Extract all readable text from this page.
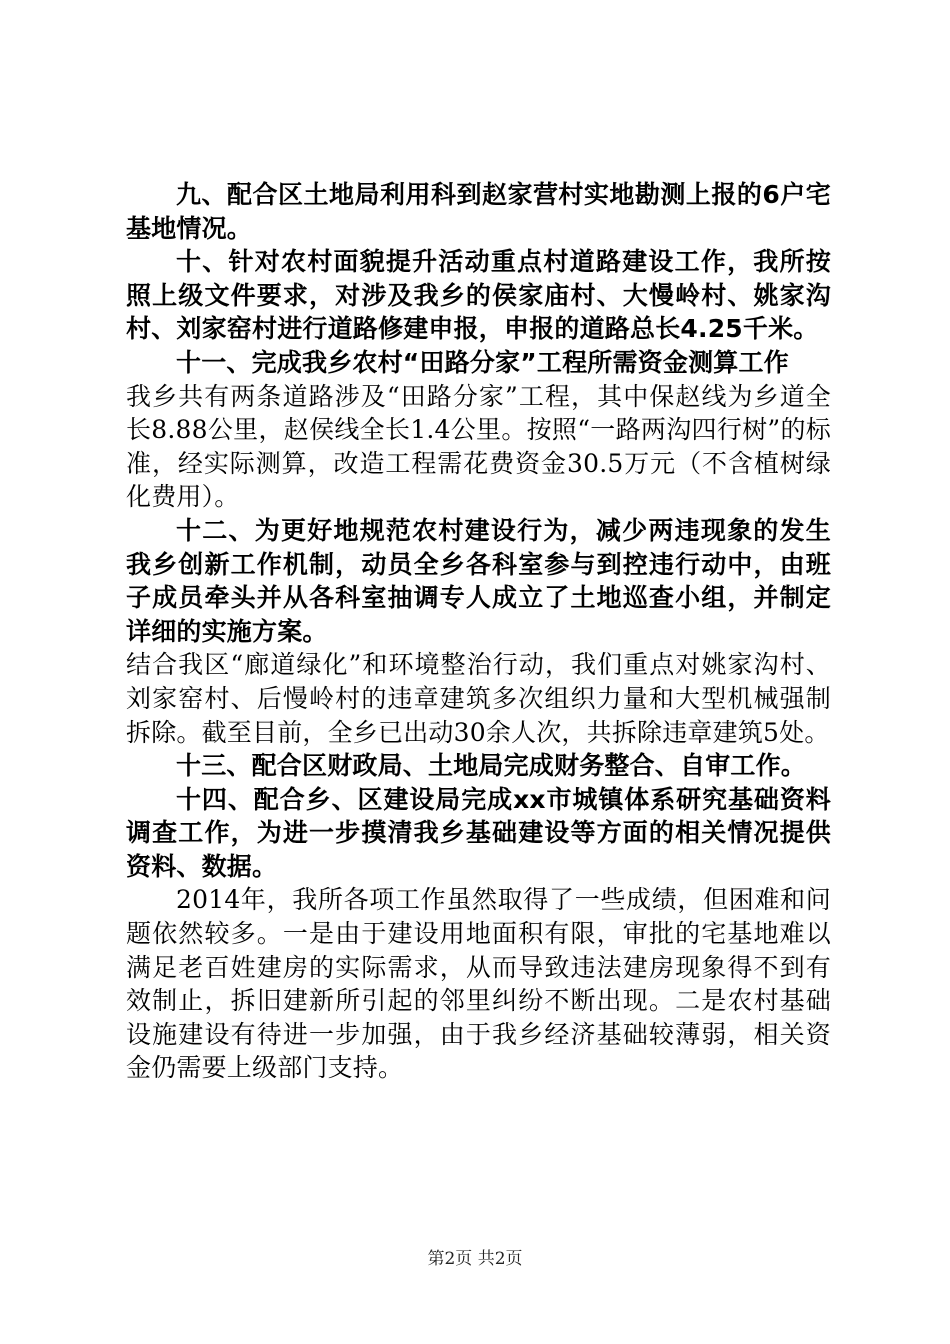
九、配合区土地局利用科到赵家营村实地勘测上报的6户宅基地情况。

十、针对农村面貌提升活动重点村道路建设工作，我所按照上级文件要求，对涉及我乡的侯家庙村、大慢岭村、姚家沟村、刘家窑村进行道路修建申报，申报的道路总长4.25千米。

十一、完成我乡农村“田路分家”工程所需资金测算工作

我乡共有两条道路涉及“田路分家”工程，其中保赵线为乡道全长8.88公里，赵侯线全长1.4公里。按照“一路两沟四行树”的标准，经实际测算，改造工程需花费资金30.5万元（不含植树绿化费用）。

十二、为更好地规范农村建设行为，减少两违现象的发生我乡创新工作机制，动员全乡各科室参与到控违行动中，由班子成员牵头并从各科室抽调专人成立了土地巡查小组，并制定详细的实施方案。

结合我区“廊道绿化”和环境整治行动，我们重点对姚家沟村、刘家窑村、后慢岭村的违章建筑多次组织力量和大型机械强制拆除。截至目前，全乡已出动30余人次，共拆除违章建筑5处。

十三、配合区财政局、土地局完成财务整合、自审工作。

十四、配合乡、区建设局完成xx市城镇体系研究基础资料调查工作，为进一步摸清我乡基础建设等方面的相关情况提供资料、数据。

2014年，我所各项工作虽然取得了一些成绩，但困难和问题依然较多。一是由于建设用地面积有限，审批的宅基地难以满足老百姓建房的实际需求，从而导致违法建房现象得不到有效制止，拆旧建新所引起的邻里纠纷不断出现。二是农村基础设施建设有待进一步加强，由于我乡经济基础较薄弱，相关资金仍需要上级部门支持。

第2页 共2页
